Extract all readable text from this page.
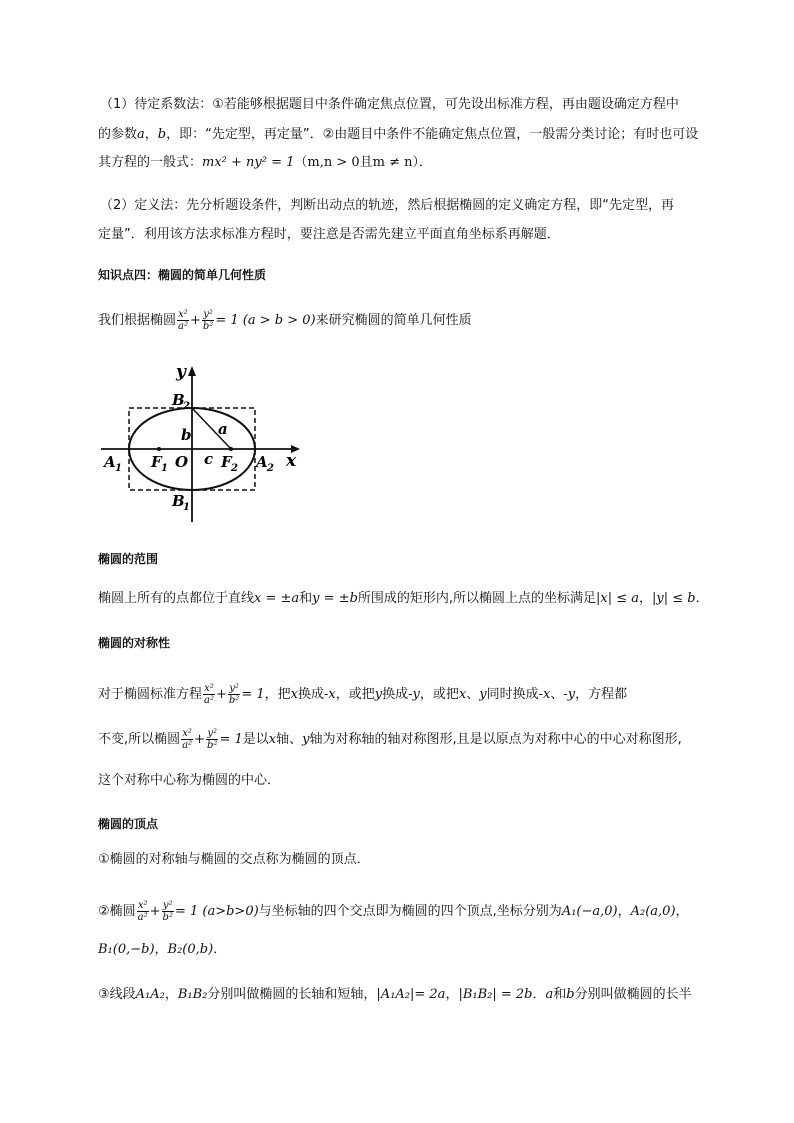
（1）待定系数法：①若能够根据题目中条件确定焦点位置，可先设出标准方程，再由题设确定方程中
的参数a，b，即：“先定型，再定量”．②由题目中条件不能确定焦点位置，一般需分类讨论；有时也可设
其方程的一般式：mx² + ny² = 1（m,n > 0且m ≠ n）．
（2）定义法：先分析题设条件，判断出动点的轨迹，然后根据椭圆的定义确定方程，即“先定型，再
定量”．利用该方法求标准方程时，要注意是否需先建立平面直角坐标系再解题．
知识点四：椭圆的简单几何性质
我们根据椭圆 $\frac{\text{x²}}{\text{a²}} + \frac{\text{y²}}{\text{b²}} = 1$ (a > b > 0)来研究椭圆的简单几何性质
y
x
B
2
B
1
A 1	A 2
F 1	F 2
O
a
b
c
椭圆的范围
椭圆上所有的点都位于直线x = ±a和y = ±b所围成的矩形内,所以椭圆上点的坐标满足|x| ≤ a，|y| ≤ b．
椭圆的对称性
对于椭圆标准方程 $\frac{\text{x²}}{\text{a²}} + \frac{\text{y²}}{\text{b²}} = 1$，把x换成-x，或把y换成-y，或把x、y同时换成-x、-y，方程都
不变,所以椭圆 $\frac{\text{x²}}{\text{a²}} + \frac{\text{y²}}{\text{b²}} = 1$是以x轴、y轴为对称轴的轴对称图形,且是以原点为对称中心的中心对称图形,
这个对称中心称为椭圆的中心．
椭圆的顶点
①椭圆的对称轴与椭圆的交点称为椭圆的顶点．
②椭圆 $\frac{\text{x²}}{\text{a²}} + \frac{\text{y²}}{\text{b²}} = 1$ (a>b>0)与坐标轴的四个交点即为椭圆的四个顶点,坐标分别为A₁(−a,0)，A₂(a,0)，
B₁(0,−b)，B₂(0,b)．
③线段A₁A₂，B₁B₂分别叫做椭圆的长轴和短轴，|A₁A₂|= 2a，|B₁B₂| = 2b．a和b分别叫做椭圆的长半
